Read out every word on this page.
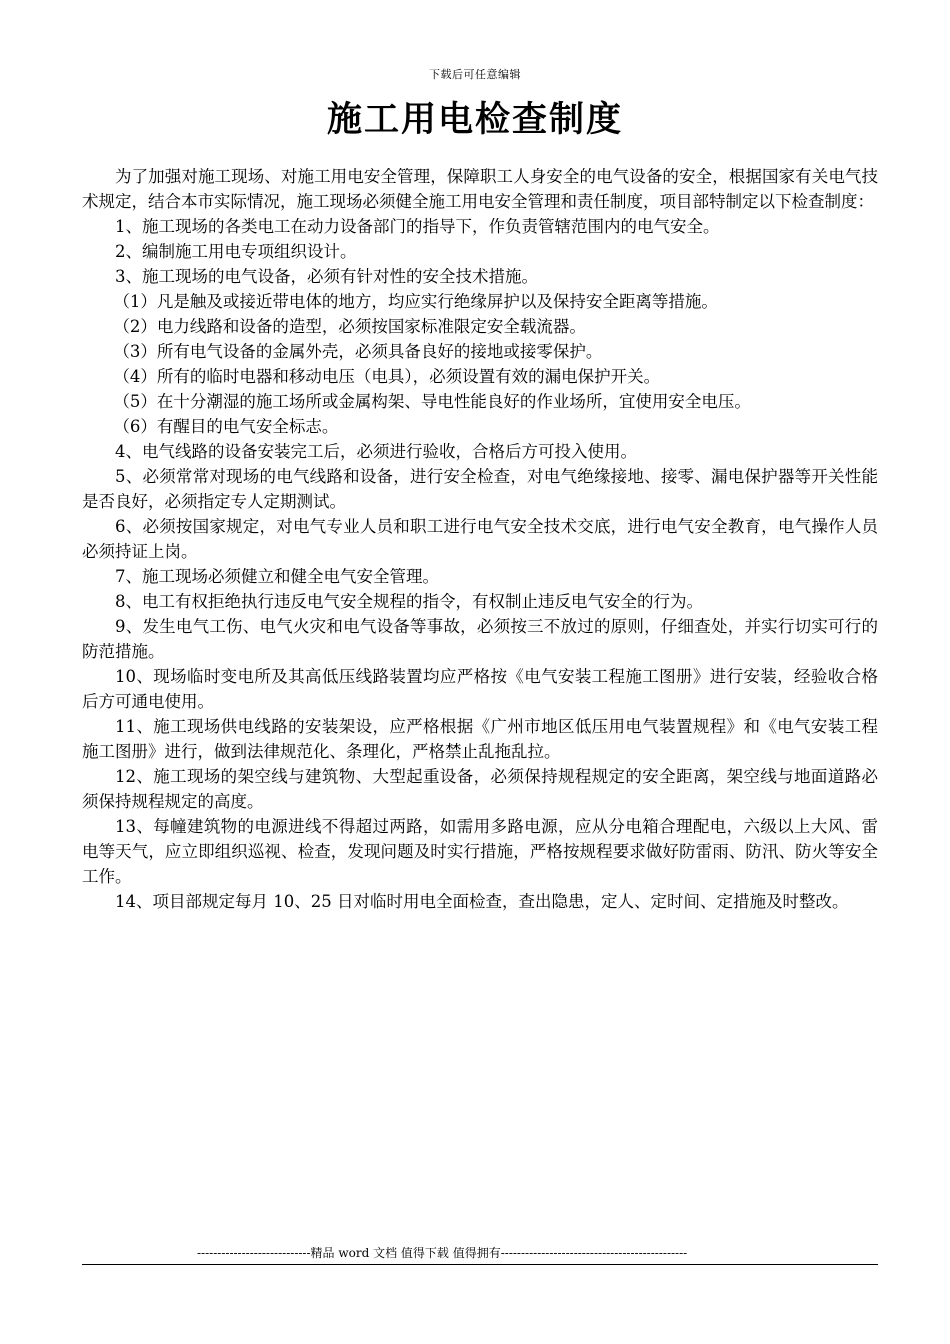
下载后可任意编辑
施工用电检查制度

为了加强对施工现场、对施工用电安全管理，保障职工人身安全的电气设备的安全，根据国家有关电气技术规定，结合本市实际情况，施工现场必须健全施工用电安全管理和责任制度，项目部特制定以下检查制度：

1、施工现场的各类电工在动力设备部门的指导下，作负责管辖范围内的电气安全。

2、编制施工用电专项组织设计。

3、施工现场的电气设备，必须有针对性的安全技术措施。

（1）凡是触及或接近带电体的地方，均应实行绝缘屏护以及保持安全距离等措施。

（2）电力线路和设备的造型，必须按国家标准限定安全载流器。

（3）所有电气设备的金属外壳，必须具备良好的接地或接零保护。

（4）所有的临时电器和移动电压（电具），必须设置有效的漏电保护开关。

（5）在十分潮湿的施工场所或金属构架、导电性能良好的作业场所，宜使用安全电压。

（6）有醒目的电气安全标志。

4、电气线路的设备安装完工后，必须进行验收，合格后方可投入使用。

5、必须常常对现场的电气线路和设备，进行安全检查，对电气绝缘接地、接零、漏电保护器等开关性能是否良好，必须指定专人定期测试。

6、必须按国家规定，对电气专业人员和职工进行电气安全技术交底，进行电气安全教育，电气操作人员必须持证上岗。

7、施工现场必须健立和健全电气安全管理。

8、电工有权拒绝执行违反电气安全规程的指令，有权制止违反电气安全的行为。

9、发生电气工伤、电气火灾和电气设备等事故，必须按三不放过的原则，仔细查处，并实行切实可行的防范措施。

10、现场临时变电所及其高低压线路装置均应严格按《电气安装工程施工图册》进行安装，经验收合格后方可通电使用。

11、施工现场供电线路的安装架设，应严格根据《广州市地区低压用电气装置规程》和《电气安装工程施工图册》进行，做到法律规范化、条理化，严格禁止乱拖乱拉。

12、施工现场的架空线与建筑物、大型起重设备，必须保持规程规定的安全距离，架空线与地面道路必须保持规程规定的高度。

13、每幢建筑物的电源进线不得超过两路，如需用多路电源，应从分电箱合理配电，六级以上大风、雷电等天气，应立即组织巡视、检查，发现问题及时实行措施，严格按规程要求做好防雷雨、防汛、防火等安全工作。

14、项目部规定每月 10、25 日对临时用电全面检查，查出隐患，定人、定时间、定措施及时整改。

----------------------------精品 word 文档 值得下载 值得拥有----------------------------------------------
